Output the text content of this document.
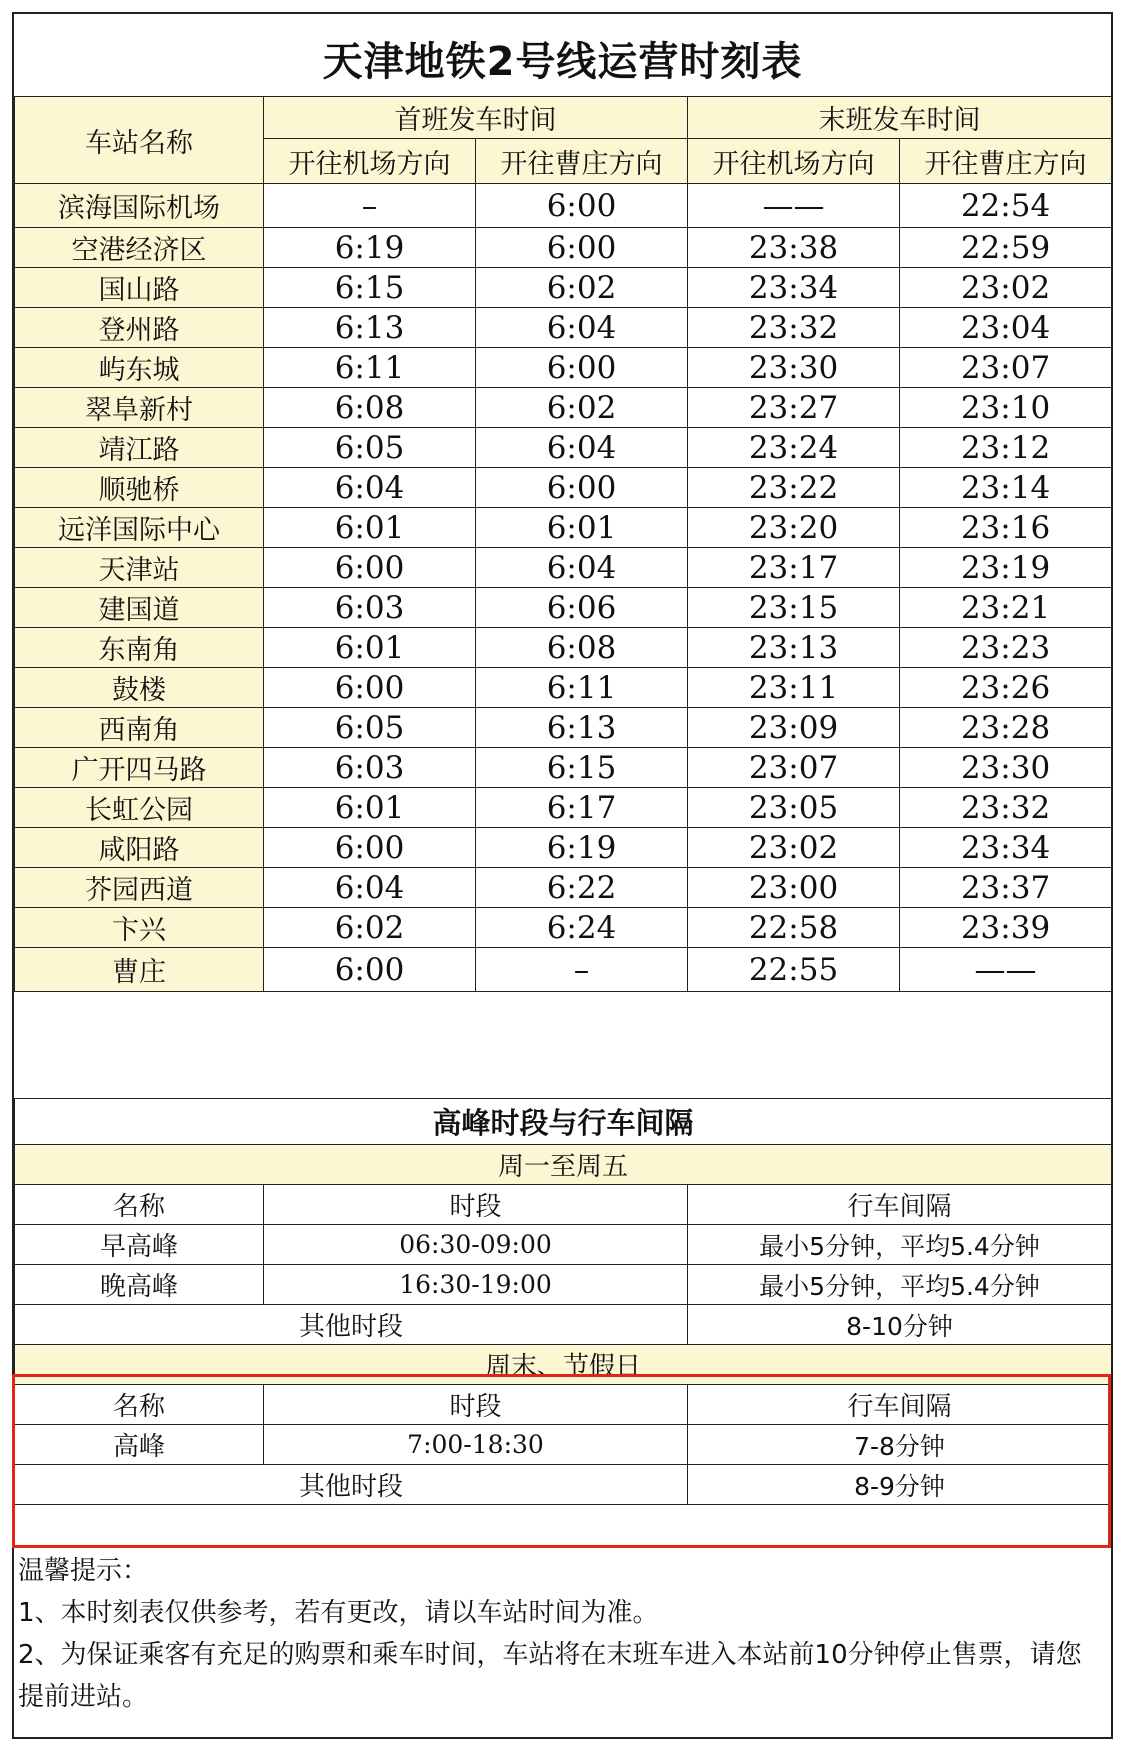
天津地铁2号线运营时刻表
车站名称	首班发车时间		末班发车时间	
	开往机场方向	开往曹庄方向	开往机场方向	开往曹庄方向
滨海国际机场	–	6:00	——	22:54
空港经济区	6:19	6:00	23:38	22:59
国山路	6:15	6:02	23:34	23:02
登州路	6:13	6:04	23:32	23:04
屿东城	6:11	6:00	23:30	23:07
翠阜新村	6:08	6:02	23:27	23:10
靖江路	6:05	6:04	23:24	23:12
顺驰桥	6:04	6:00	23:22	23:14
远洋国际中心	6:01	6:01	23:20	23:16
天津站	6:00	6:04	23:17	23:19
建国道	6:03	6:06	23:15	23:21
东南角	6:01	6:08	23:13	23:23
鼓楼	6:00	6:11	23:11	23:26
西南角	6:05	6:13	23:09	23:28
广开四马路	6:03	6:15	23:07	23:30
长虹公园	6:01	6:17	23:05	23:32
咸阳路	6:00	6:19	23:02	23:34
芥园西道	6:04	6:22	23:00	23:37
卞兴	6:02	6:24	22:58	23:39
曹庄	6:00	–	22:55	——
高峰时段与行车间隔		
周一至周五		
名称	时段	行车间隔
早高峰	06:30-09:00	最小5分钟，平均5.4分钟
晚高峰	16:30-19:00	最小5分钟，平均5.4分钟
其他时段		8-10分钟
周末、节假日		
名称	时段	行车间隔
高峰	7:00-18:30	7-8分钟
其他时段		8-9分钟
温馨提示：
1、本时刻表仅供参考，若有更改，请以车站时间为准。
2、为保证乘客有充足的购票和乘车时间，车站将在末班车进入本站前10分钟停止售票，请您提前进站。
